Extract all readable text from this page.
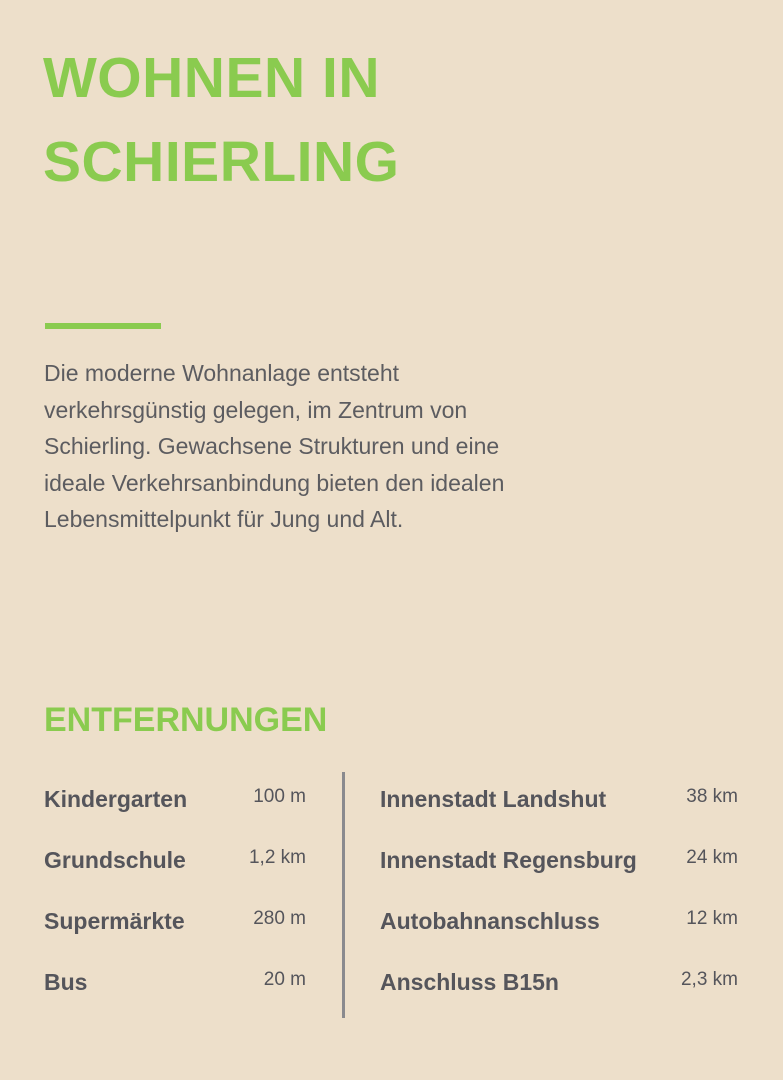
WOHNEN IN
SCHIERLING

Die moderne Wohnanlage entsteht verkehrsgünstig gelegen, im Zentrum von Schierling. Gewachsene Strukturen und eine ideale Verkehrsanbindung bieten den idealen Lebensmittelpunkt für Jung und Alt.

ENTFERNUNGEN
Kindergarten	100 m
Grundschule	1,2 km
Supermärkte	280 m
Bus	20 m
Innenstadt Landshut	38 km
Innenstadt Regensburg	24 km
Autobahnanschluss	12 km
Anschluss B15n	2,3 km
